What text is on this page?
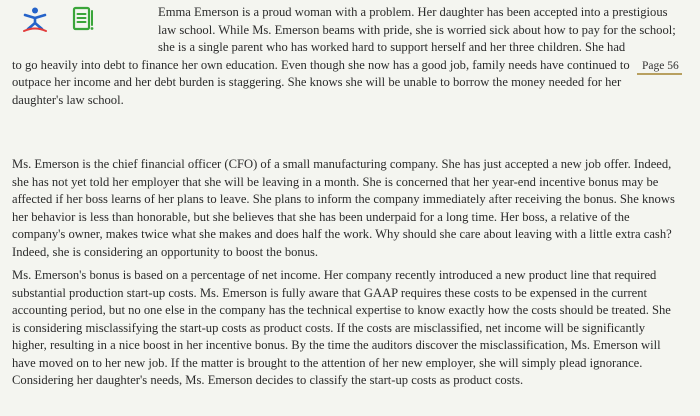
Emma Emerson is a proud woman with a problem. Her daughter has been accepted into a prestigious
law school. While Ms. Emerson beams with pride, she is worried sick about how to pay for the school;
she is a single parent who has worked hard to support herself and her three children. She had
to go heavily into debt to finance her own education. Even though she now has a good job, family needs have continued to
outpace her income and her debt burden is staggering. She knows she will be unable to borrow the money needed for her
daughter's law school.
Page 56
Ms. Emerson is the chief financial officer (CFO) of a small manufacturing company. She has just accepted a new job offer. Indeed,
she has not yet told her employer that she will be leaving in a month. She is concerned that her year-end incentive bonus may be
affected if her boss learns of her plans to leave. She plans to inform the company immediately after receiving the bonus. She knows
her behavior is less than honorable, but she believes that she has been underpaid for a long time. Her boss, a relative of the
company's owner, makes twice what she makes and does half the work. Why should she care about leaving with a little extra cash?
Indeed, she is considering an opportunity to boost the bonus.
Ms. Emerson's bonus is based on a percentage of net income. Her company recently introduced a new product line that required
substantial production start-up costs. Ms. Emerson is fully aware that GAAP requires these costs to be expensed in the current
accounting period, but no one else in the company has the technical expertise to know exactly how the costs should be treated. She
is considering misclassifying the start-up costs as product costs. If the costs are misclassified, net income will be significantly
higher, resulting in a nice boost in her incentive bonus. By the time the auditors discover the misclassification, Ms. Emerson will
have moved on to her new job. If the matter is brought to the attention of her new employer, she will simply plead ignorance.
Considering her daughter's needs, Ms. Emerson decides to classify the start-up costs as product costs.
